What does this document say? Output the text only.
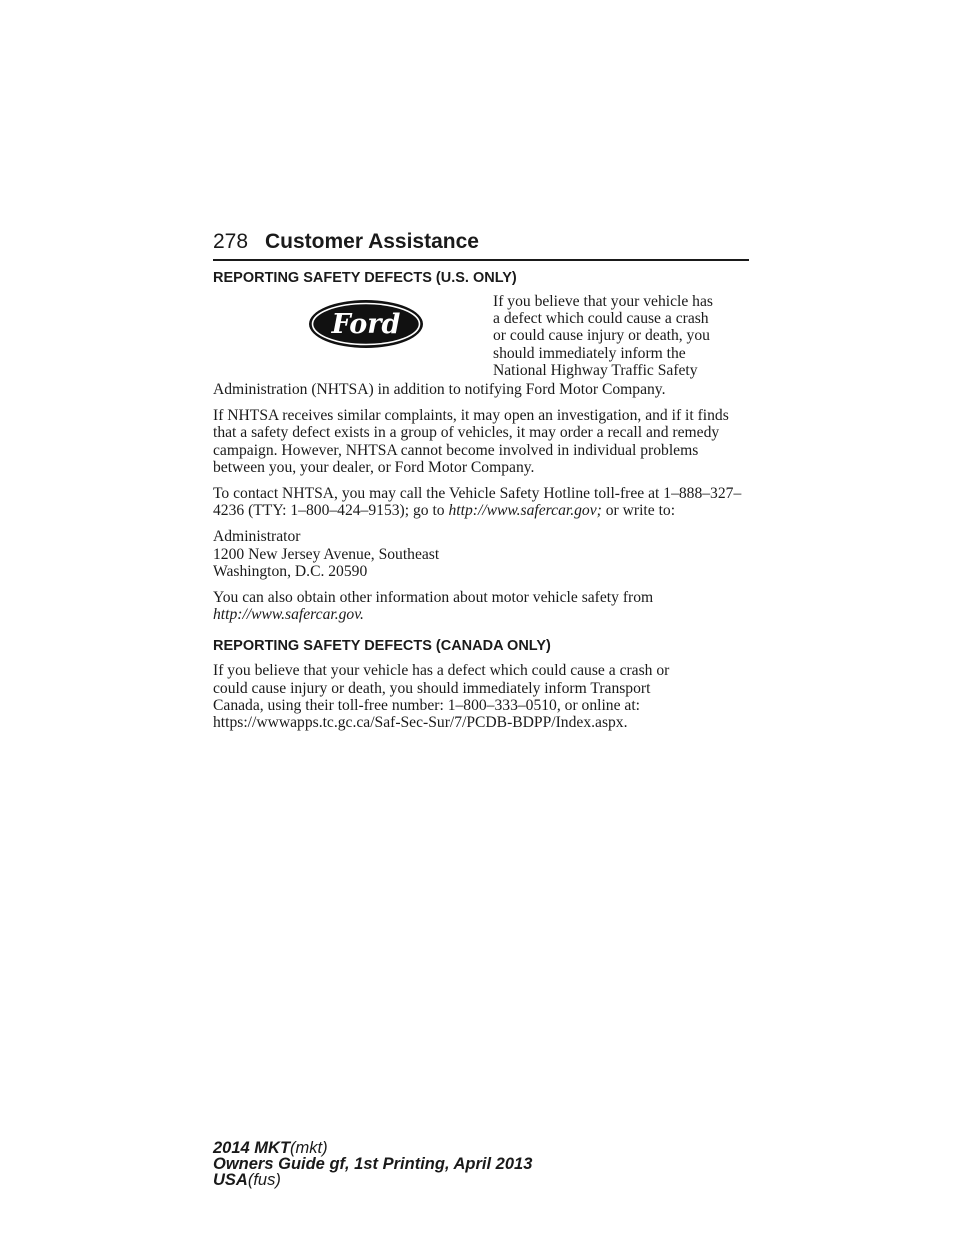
278 Customer Assistance
REPORTING SAFETY DEFECTS (U.S. ONLY)
Ford

If you believe that your vehicle has

a defect which could cause a crash

or could cause injury or death, you

should immediately inform the

National Highway Traffic Safety

Administration (NHTSA) in addition to notifying Ford Motor Company.

If NHTSA receives similar complaints, it may open an investigation, and if it finds that a safety defect exists in a group of vehicles, it may order a recall and remedy campaign. However, NHTSA cannot become involved in individual problems between you, your dealer, or Ford Motor Company.

To contact NHTSA, you may call the Vehicle Safety Hotline toll-free at 1–888–327–4236 (TTY: 1–800–424–9153); go to http://www.safercar.gov; or write to:

Administrator
1200 New Jersey Avenue, Southeast
Washington, D.C. 20590

You can also obtain other information about motor vehicle safety from http://www.safercar.gov.

REPORTING SAFETY DEFECTS (CANADA ONLY)

If you believe that your vehicle has a defect which could cause a crash or
could cause injury or death, you should immediately inform Transport
Canada, using their toll-free number: 1–800–333–0510, or online at:
https://wwwapps.tc.gc.ca/Saf-Sec-Sur/7/PCDB-BDPP/Index.aspx.

2014 MKT(mkt)
Owners Guide gf, 1st Printing, April 2013
USA(fus)
